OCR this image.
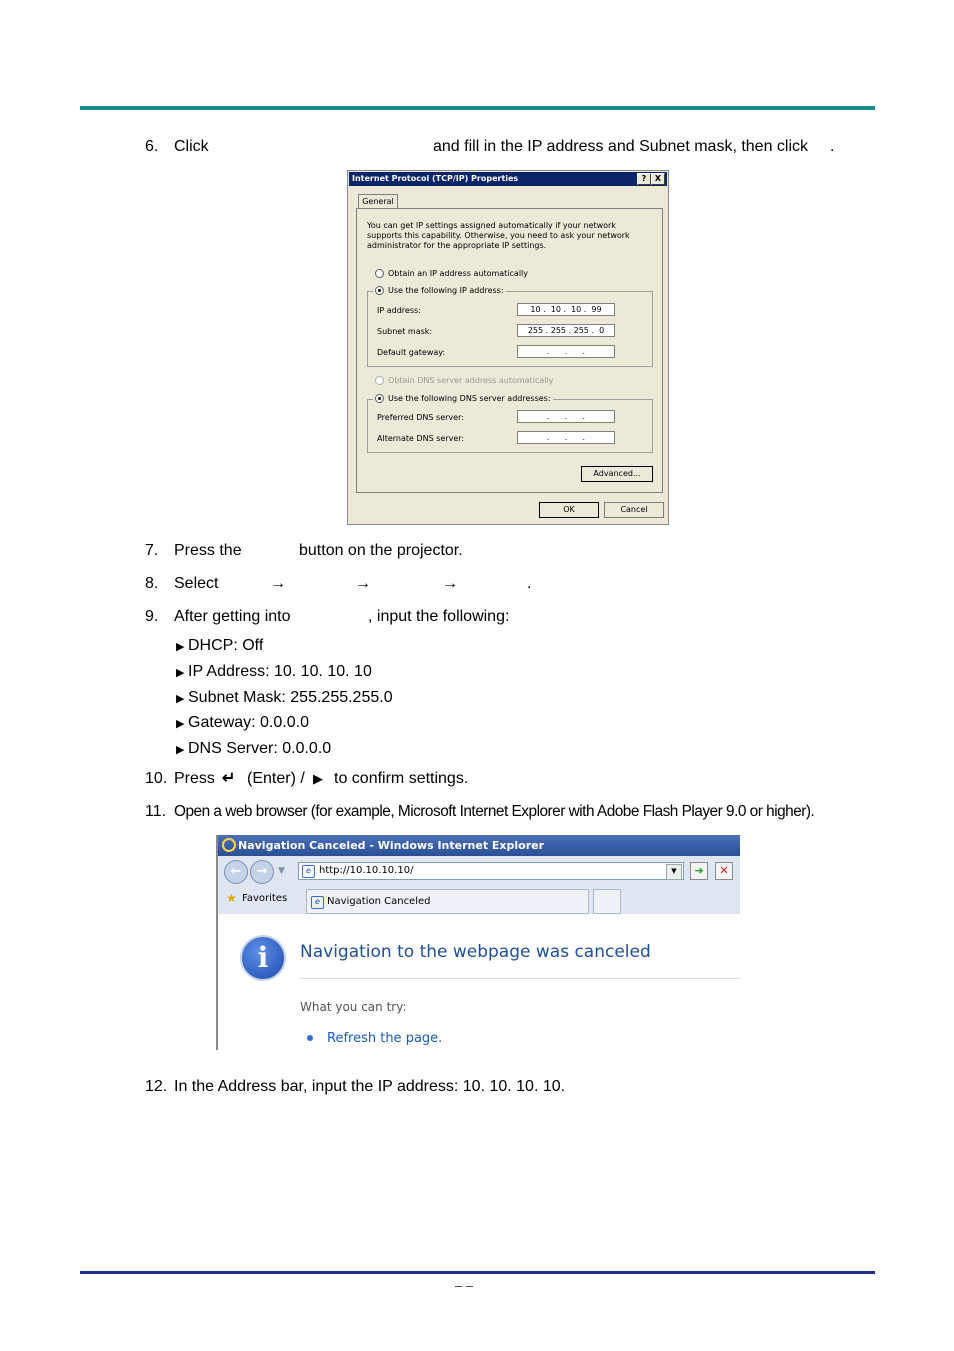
6. Click	and fill in the IP address and Subnet mask, then click .
Internet Protocol (TCP/IP) Properties	?	X
General
You can get IP settings assigned automatically if your network supports this capability. Otherwise, you need to ask your network administrator for the appropriate IP settings.
Obtain an IP address automatically
Use the following IP address:
IP address:	10 .  10 .  10 .  99
Subnet mask:	255 . 255 . 255 .  0
Default gateway:	.      .      .
Obtain DNS server address automatically
Use the following DNS server addresses:
Preferred DNS server:	.      .      .
Alternate DNS server:	.      .      .
Advanced...
OK	Cancel
7. Press the	button on the projector.
8. Select	→	→	→	.
9. After getting into	, input the following:
▶ DHCP: Off
▶ IP Address: 10. 10. 10. 10
▶ Subnet Mask: 255.255.255.0
▶ Gateway: 0.0.0.0
▶ DNS Server: 0.0.0.0
10. Press ↵ (Enter) / ▶ to confirm settings.
11. Open a web browser (for example, Microsoft Internet Explorer with Adobe Flash Player 9.0 or higher).
Navigation Canceled - Windows Internet Explorer
←	→	▼	e http://10.10.10.10/	▼	➜	✕
★ Favorites	e Navigation Canceled
i	Navigation to the webpage was canceled
What you can try:
Refresh the page.
12. In the Address bar, input the IP address: 10. 10. 10. 10.
– –
